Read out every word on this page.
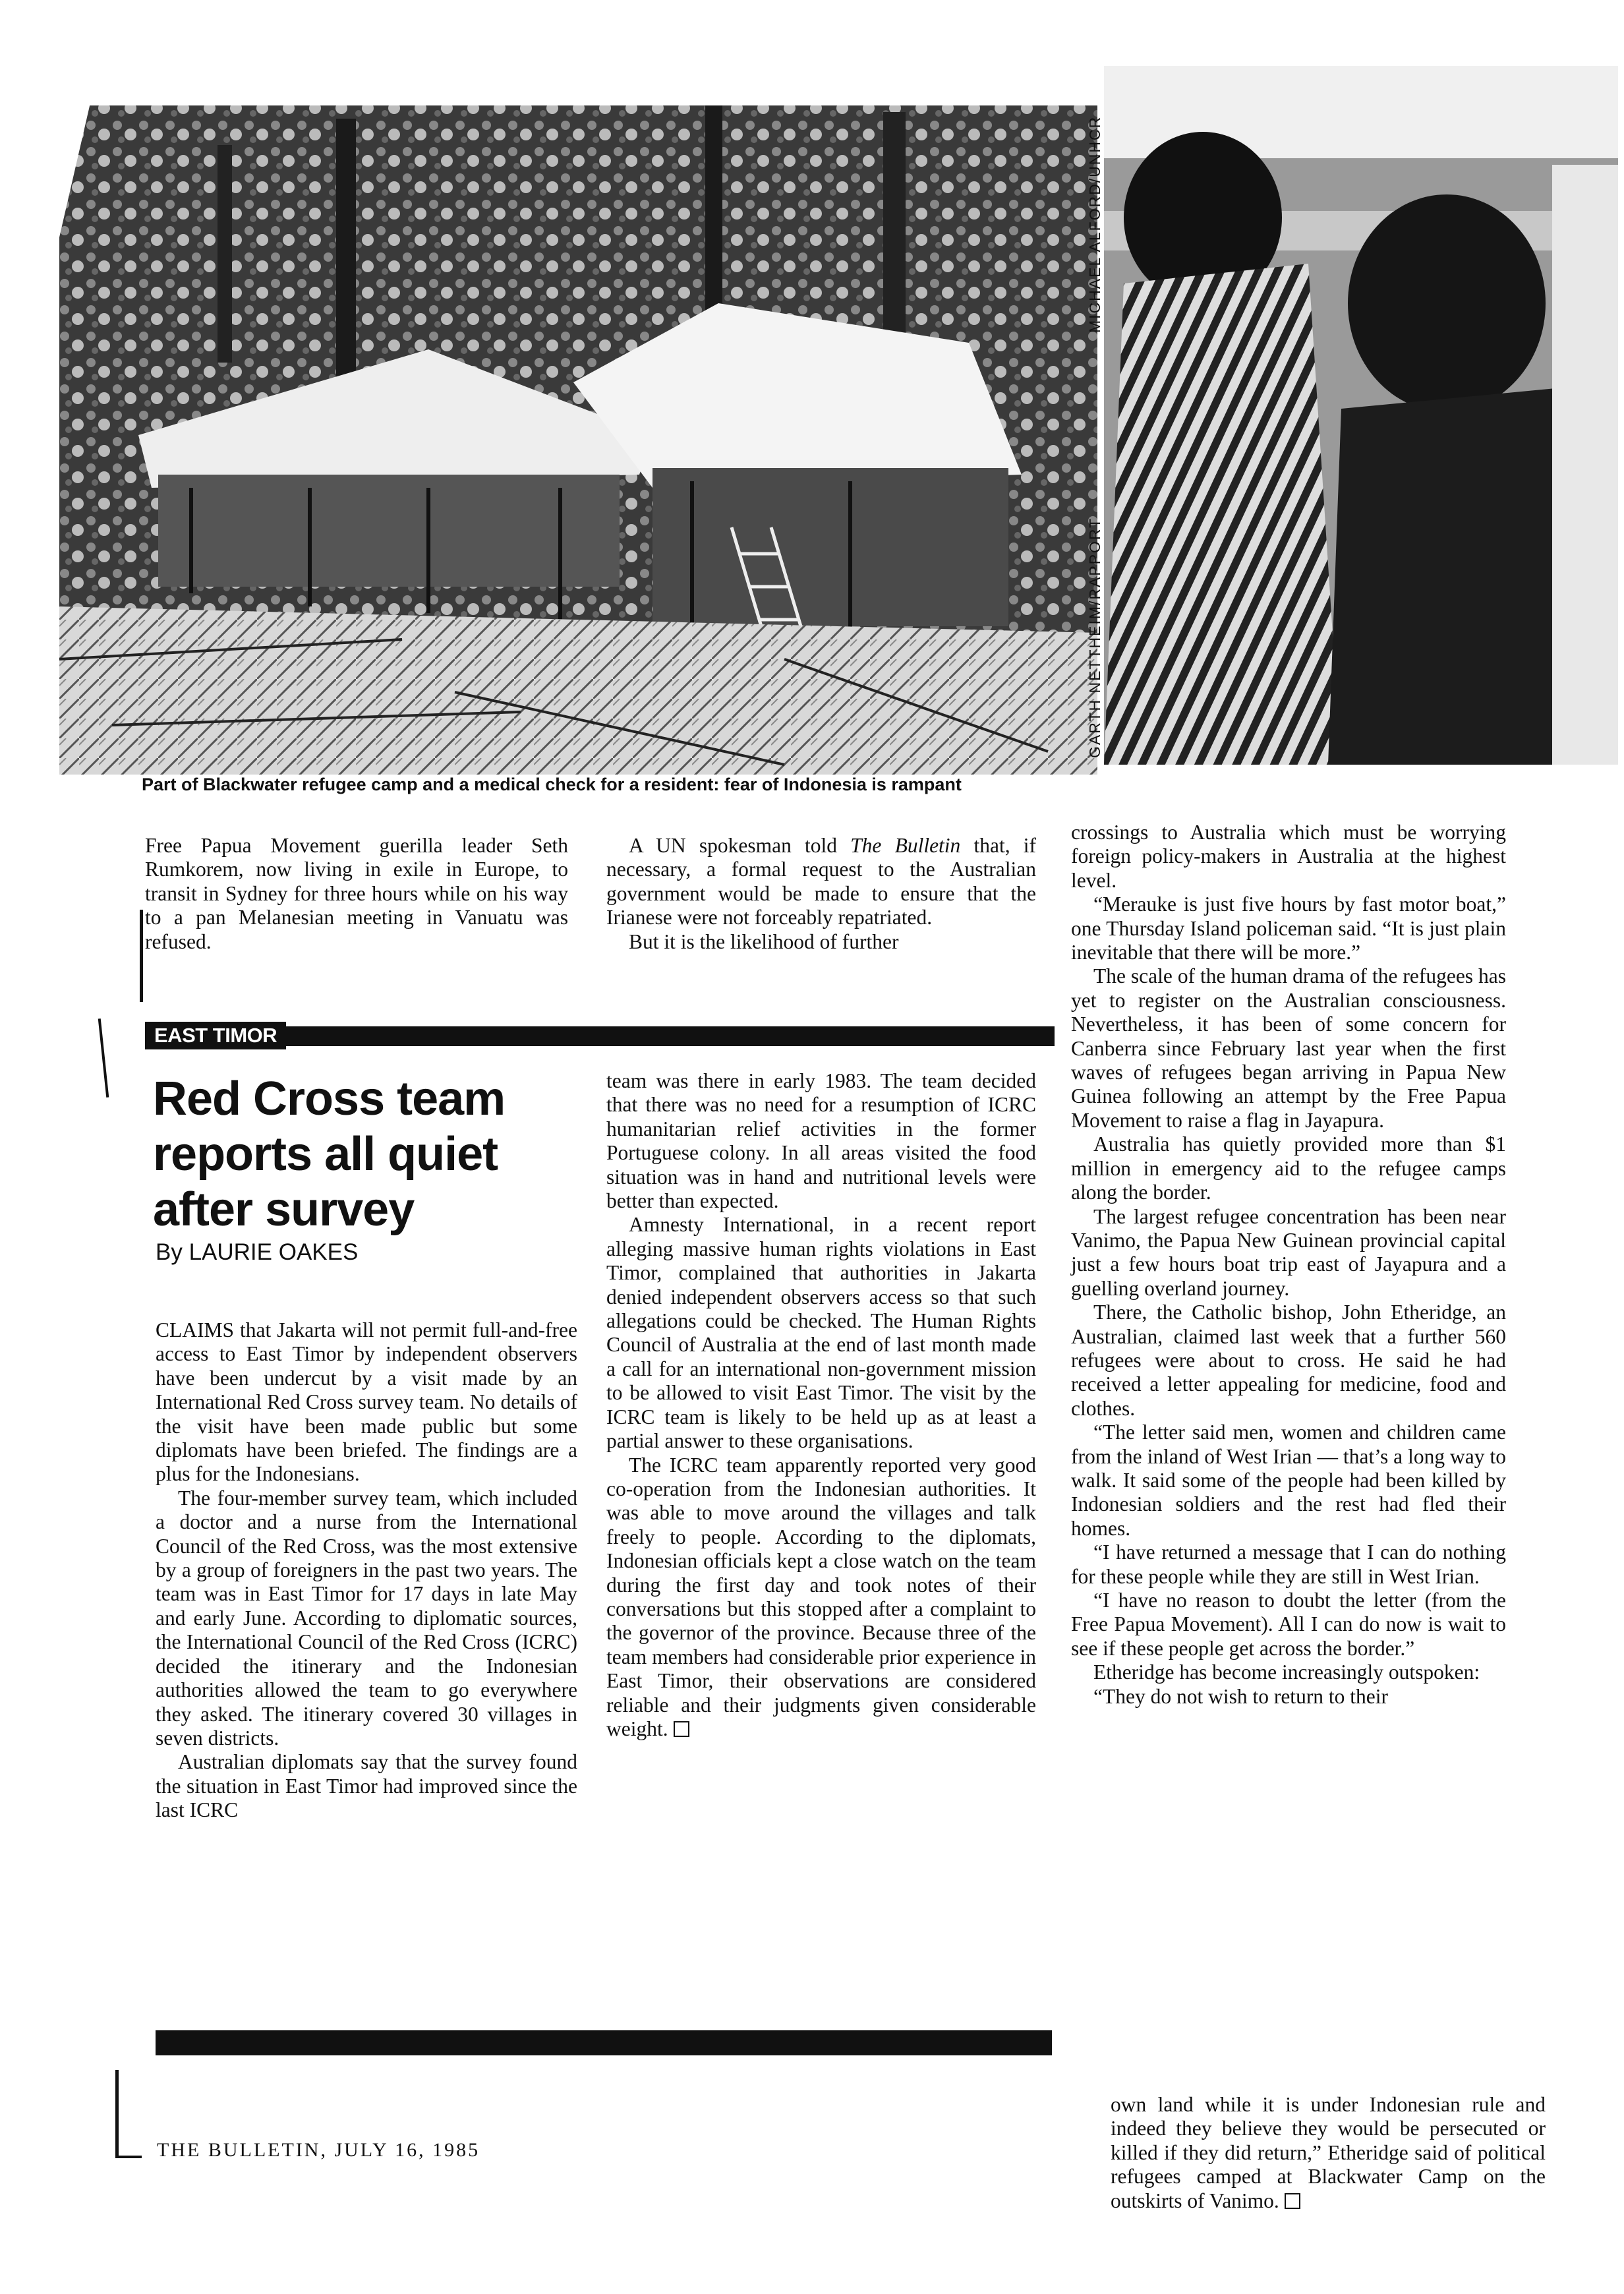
MICHAEL ALFORD/UNHCR
GARTH NETTHEIM/RAPPORT
Part of Blackwater refugee camp and a medical check for a resident: fear of Indonesia is rampant

Free Papua Movement guerilla leader Seth Rumkorem, now living in exile in Europe, to transit in Sydney for three hours while on his way to a pan Melanesian meeting in Vanuatu was refused.

A UN spokesman told The Bulletin that, if necessary, a formal request to the Australian government would be made to ensure that the Irianese were not forceably repatriated.

But it is the likelihood of further

crossings to Australia which must be worrying foreign policy-makers in Australia at the highest level.

“Merauke is just five hours by fast motor boat,” one Thursday Island policeman said. “It is just plain inevitable that there will be more.”

The scale of the human drama of the refugees has yet to register on the Australian consciousness. Nevertheless, it has been of some concern for Canberra since February last year when the first waves of refugees began arriving in Papua New Guinea following an attempt by the Free Papua Movement to raise a flag in Jayapura.

Australia has quietly provided more than $1 million in emergency aid to the refugee camps along the border.

The largest refugee concentration has been near Vanimo, the Papua New Guinean provincial capital just a few hours boat trip east of Jayapura and a guelling overland journey.

There, the Catholic bishop, John Etheridge, an Australian, claimed last week that a further 560 refugees were about to cross. He said he had received a letter appealing for medicine, food and clothes.

“The letter said men, women and children came from the inland of West Irian — that’s a long way to walk. It said some of the people had been killed by Indonesian soldiers and the rest had fled their homes.

“I have returned a message that I can do nothing for these people while they are still in West Irian.

“I have no reason to doubt the letter (from the Free Papua Movement). All I can do now is wait to see if these people get across the border.”

Etheridge has become increasingly outspoken:

“They do not wish to return to their

own land while it is under Indonesian rule and indeed they believe they would be persecuted or killed if they did return,” Etheridge said of political refugees camped at Blackwater Camp on the outskirts of Vanimo.

EAST TIMOR
Red Cross team reports all quiet after survey
By LAURIE OAKES

CLAIMS that Jakarta will not permit full-and-free access to East Timor by independent observers have been undercut by a visit made by an International Red Cross survey team. No details of the visit have been made public but some diplomats have been briefed. The findings are a plus for the Indonesians.

The four-member survey team, which included a doctor and a nurse from the International Council of the Red Cross, was the most extensive by a group of foreigners in the past two years. The team was in East Timor for 17 days in late May and early June. According to diplomatic sources, the International Council of the Red Cross (ICRC) decided the itinerary and the Indonesian authorities allowed the team to go everywhere they asked. The itinerary covered 30 villages in seven districts.

Australian diplomats say that the survey found the situation in East Timor had improved since the last ICRC

team was there in early 1983. The team decided that there was no need for a resumption of ICRC humanitarian relief activities in the former Portuguese colony. In all areas visited the food situation was in hand and nutritional levels were better than expected.

Amnesty International, in a recent report alleging massive human rights violations in East Timor, complained that authorities in Jakarta denied independent observers access so that such allegations could be checked. The Human Rights Council of Australia at the end of last month made a call for an international non-government mission to be allowed to visit East Timor. The visit by the ICRC team is likely to be held up as at least a partial answer to these organisations.

The ICRC team apparently reported very good co-operation from the Indonesian authorities. It was able to move around the villages and talk freely to people. According to the diplomats, Indonesian officials kept a close watch on the team during the first day and took notes of their conversations but this stopped after a complaint to the governor of the province. Because three of the team members had considerable prior experience in East Timor, their observations are considered reliable and their judgments given considerable weight.

THE BULLETIN, JULY 16, 1985
